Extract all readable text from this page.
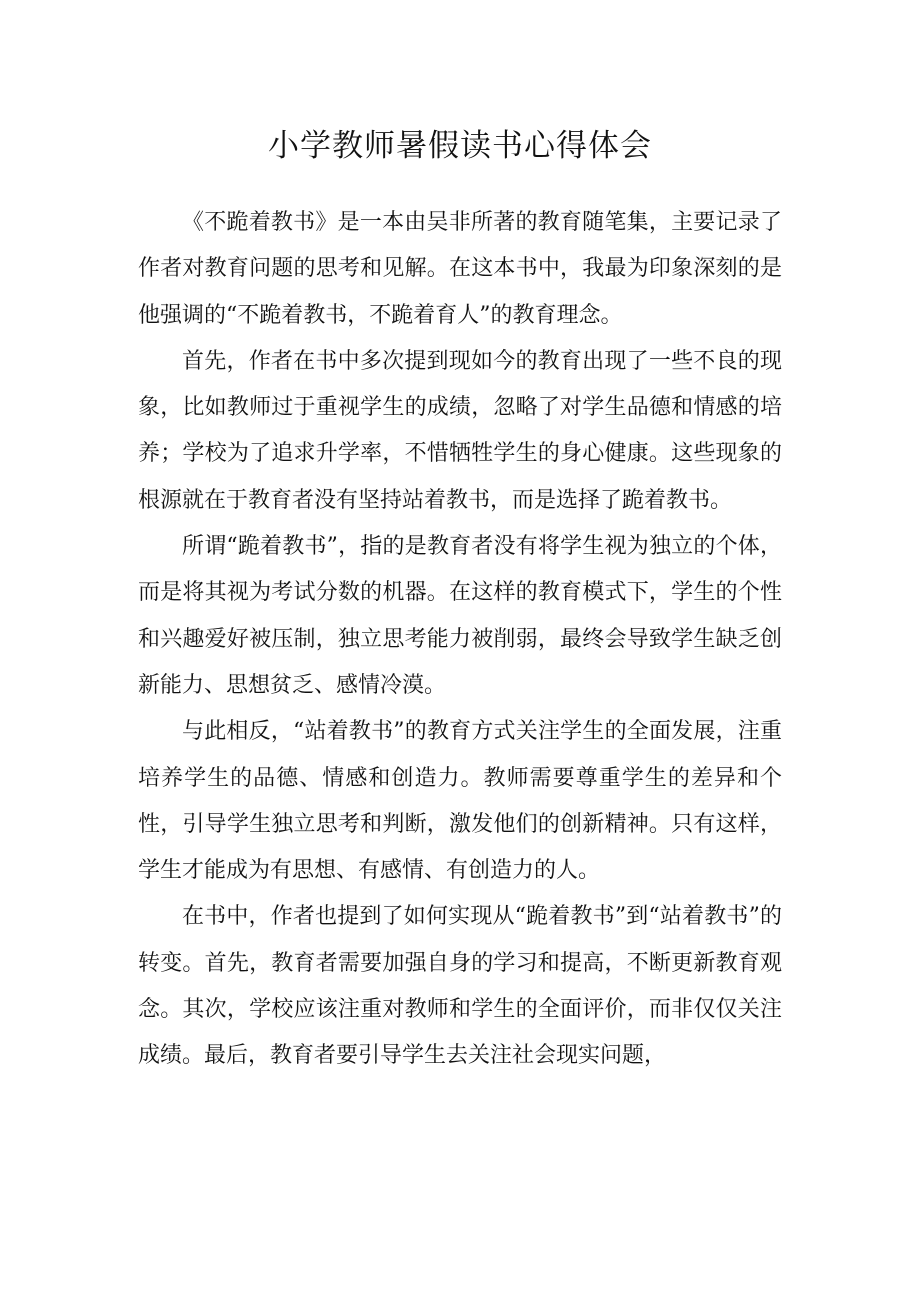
小学教师暑假读书心得体会

《不跪着教书》是一本由吴非所著的教育随笔集，主要记录了作者对教育问题的思考和见解。在这本书中，我最为印象深刻的是他强调的“不跪着教书，不跪着育人”的教育理念。

首先，作者在书中多次提到现如今的教育出现了一些不良的现象，比如教师过于重视学生的成绩，忽略了对学生品德和情感的培养；学校为了追求升学率，不惜牺牲学生的身心健康。这些现象的根源就在于教育者没有坚持站着教书，而是选择了跪着教书。

所谓“跪着教书”，指的是教育者没有将学生视为独立的个体，而是将其视为考试分数的机器。在这样的教育模式下，学生的个性和兴趣爱好被压制，独立思考能力被削弱，最终会导致学生缺乏创新能力、思想贫乏、感情冷漠。

与此相反，“站着教书”的教育方式关注学生的全面发展，注重培养学生的品德、情感和创造力。教师需要尊重学生的差异和个性，引导学生独立思考和判断，激发他们的创新精神。只有这样，学生才能成为有思想、有感情、有创造力的人。

在书中，作者也提到了如何实现从“跪着教书”到“站着教书”的转变。首先，教育者需要加强自身的学习和提高，不断更新教育观念。其次，学校应该注重对教师和学生的全面评价，而非仅仅关注成绩。最后，教育者要引导学生去关注社会现实问题，
